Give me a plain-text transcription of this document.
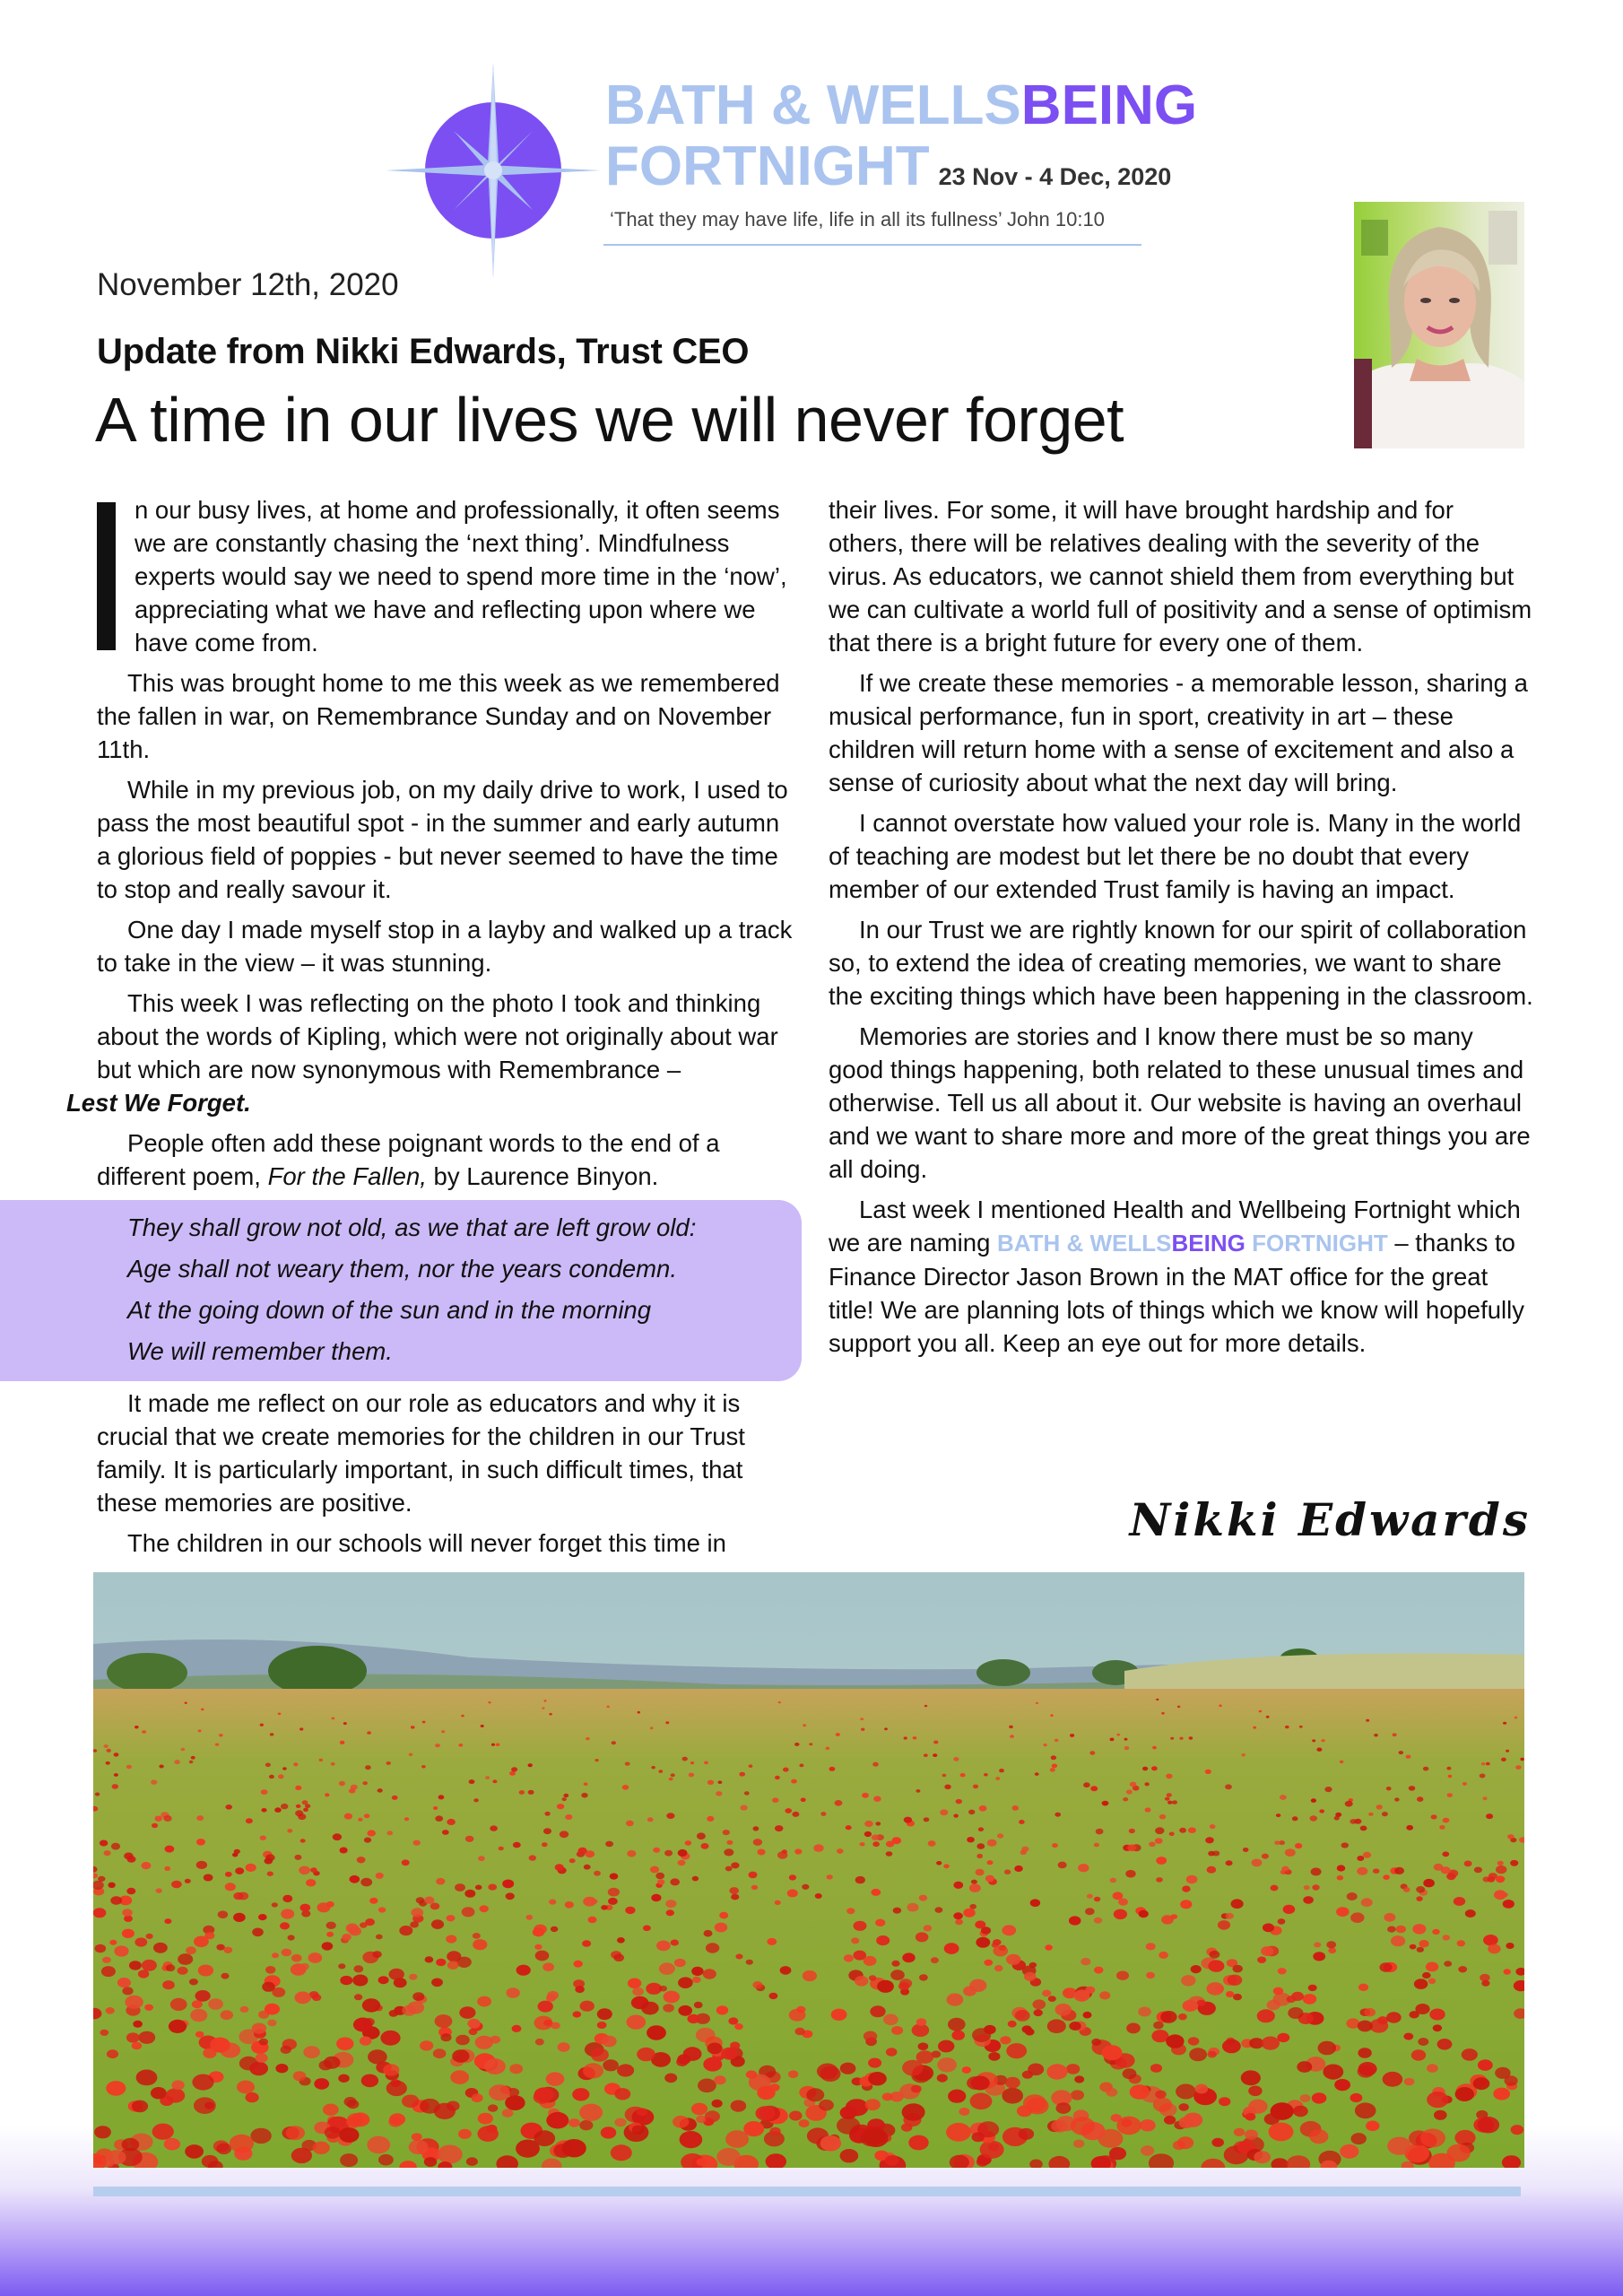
BATH & WELLSBEING
FORTNIGHT 23 Nov - 4 Dec, 2020
‘That they may have life, life in all its fullness’ John 10:10
November 12th, 2020
Update from Nikki Edwards, Trust CEO
A time in our lives we will never forget
n our busy lives, at home and professionally, it often seems we are constantly chasing the ‘next thing’. Mindfulness experts would say we need to spend more time in the ‘now’, appreciating what we have and reflecting upon where we have come from.

This was brought home to me this week as we remembered the fallen in war, on Remembrance Sunday and on November 11th.

While in my previous job, on my daily drive to work, I used to pass the most beautiful spot - in the summer and early autumn a glorious field of poppies - but never seemed to have the time to stop and really savour it.

One day I made myself stop in a layby and walked up a track to take in the view – it was stunning.

This week I was reflecting on the photo I took and thinking about the words of Kipling, which were not originally about war but which are now synonymous with Remembrance –
Lest We Forget.

People often add these poignant words to the end of a different poem, For the Fallen, by Laurence Binyon.

They shall grow not old, as we that are left grow old:
Age shall not weary them, nor the years condemn.
At the going down of the sun and in the morning
We will remember them.

It made me reflect on our role as educators and why it is crucial that we create memories for the children in our Trust family. It is particularly important, in such difficult times, that these memories are positive.

The children in our schools will never forget this time in

their lives. For some, it will have brought hardship and for others, there will be relatives dealing with the severity of the virus. As educators, we cannot shield them from everything but we can cultivate a world full of positivity and a sense of optimism that there is a bright future for every one of them.

If we create these memories - a memorable lesson, sharing a musical performance, fun in sport, creativity in art – these children will return home with a sense of excitement and also a sense of curiosity about what the next day will bring.

I cannot overstate how valued your role is. Many in the world of teaching are modest but let there be no doubt that every member of our extended Trust family is having an impact.

In our Trust we are rightly known for our spirit of collaboration so, to extend the idea of creating memories, we want to share the exciting things which have been happening in the classroom.

Memories are stories and I know there must be so many good things happening, both related to these unusual times and otherwise. Tell us all about it. Our website is having an overhaul and we want to share more and more of the great things you are all doing.

Last week I mentioned Health and Wellbeing Fortnight which we are naming BATH & WELLSBEING FORTNIGHT – thanks to Finance Director Jason Brown in the MAT office for the great title! We are planning lots of things which we know will hopefully support you all. Keep an eye out for more details.

Nikki Edwards
